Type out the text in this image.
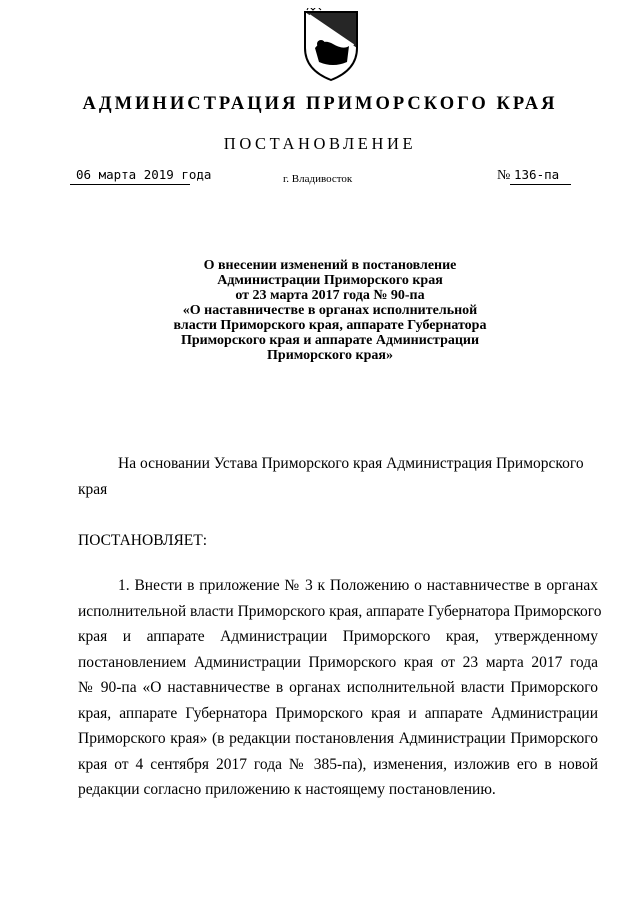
АДМИНИСТРАЦИЯ ПРИМОРСКОГО КРАЯ
ПОСТАНОВЛЕНИЕ
06 марта 2019 года	г. Владивосток	№ 136-па
О внесении изменений в постановление
Администрации Приморского края
от 23 марта 2017 года № 90-па
«О наставничестве в органах исполнительной
власти Приморского края, аппарате Губернатора
Приморского края и аппарате Администрации
Приморского края»
На основании Устава Приморского края Администрация Приморского
края
ПОСТАНОВЛЯЕТ:
1. Внести в приложение № 3 к Положению о наставничестве в органах
исполнительной власти Приморского края, аппарате Губернатора Приморского
края и аппарате Администрации Приморского края, утвержденному
постановлением Администрации Приморского края от 23 марта 2017 года
№ 90-па «О наставничестве в органах исполнительной власти Приморского
края, аппарате Губернатора Приморского края и аппарате Администрации
Приморского края» (в редакции постановления Администрации Приморского
края от 4 сентября 2017 года № 385-па), изменения, изложив его в новой
редакции согласно приложению к настоящему постановлению.
